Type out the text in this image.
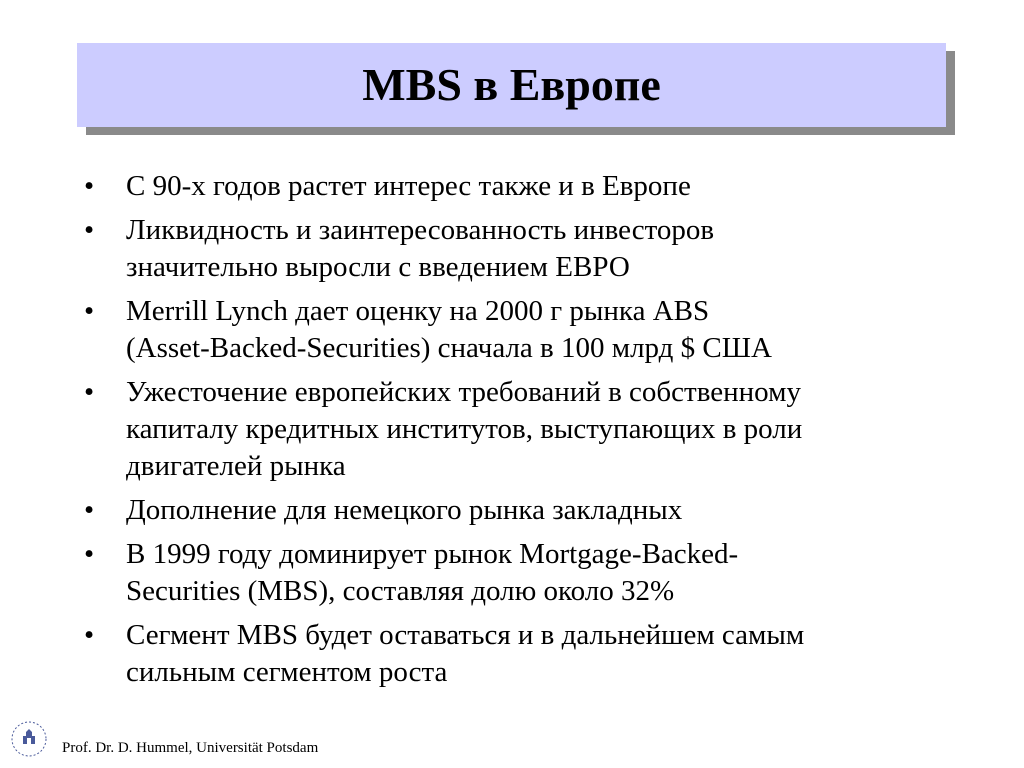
MBS в Европе
•	С 90-х годов растет интерес также и в Европе
•	Ликвидность и заинтересованность инвесторов
значительно выросли с введением ЕВРО
•	Merrill Lynch дает оценку на 2000 г рынка ABS
(Asset-Backed-Securities) сначала в 100 млрд $ США
•	Ужесточение европейских требований в собственному
капиталу кредитных институтов, выступающих в роли
двигателей рынка
•	Дополнение для немецкого рынка закладных
•	В 1999 году доминирует рынок Mortgage-Backed-
Securities (MBS), составляя долю около 32%
•	Сегмент MBS будет оставаться и в дальнейшем самым
сильным сегментом роста
Prof. Dr. D. Hummel, Universität Potsdam
